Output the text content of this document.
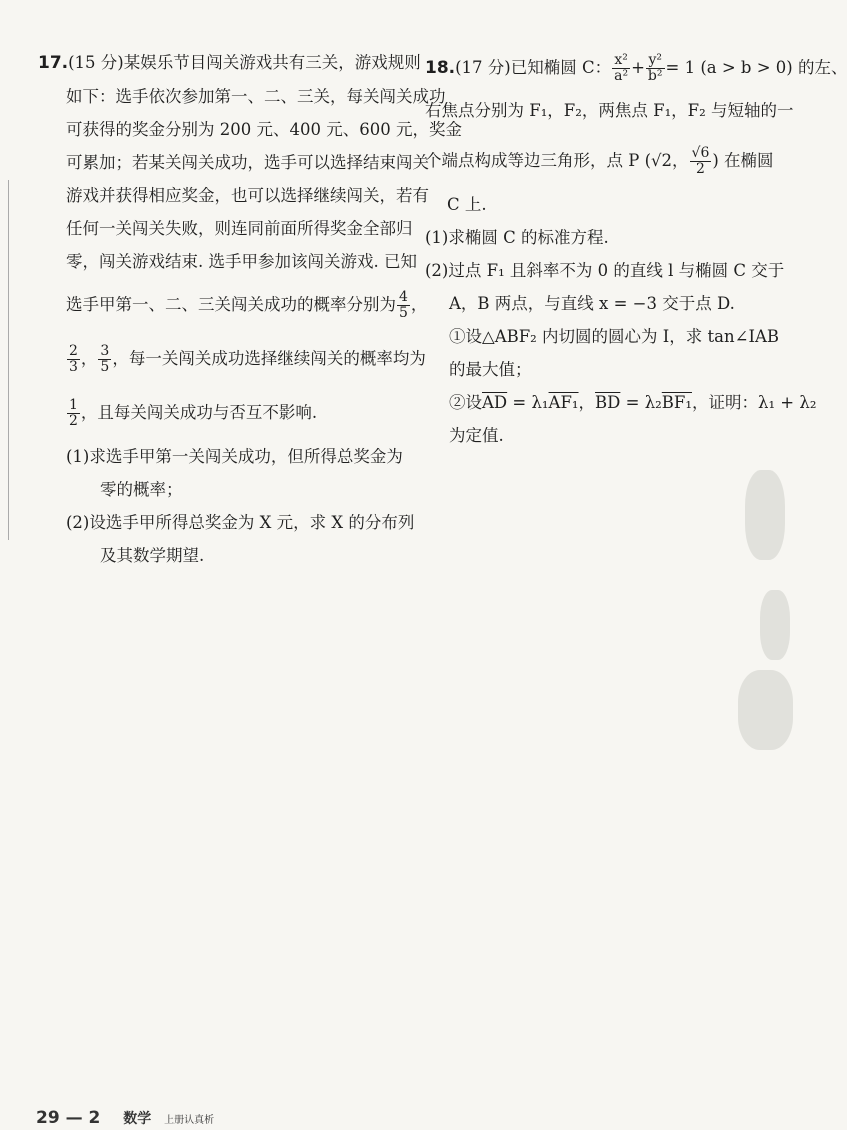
17.(15 分)某娱乐节目闯关游戏共有三关，游戏规则
如下：选手依次参加第一、二、三关，每关闯关成功
可获得的奖金分别为 200 元、400 元、600 元，奖金
可累加；若某关闯关成功，选手可以选择结束闯关
游戏并获得相应奖金，也可以选择继续闯关，若有
任何一关闯关失败，则连同前面所得奖金全部归
零，闯关游戏结束. 选手甲参加该闯关游戏. 已知
选手甲第一、二、三关闯关成功的概率分别为 $\frac{4}{5}$ ，
$\frac{2}{3}$ ， $\frac{3}{5}$ ，每一关闯关成功选择继续闯关的概率均为
$\frac{1}{2}$ ，且每关闯关成功与否互不影响.
(1)求选手甲第一关闯关成功，但所得总奖金为
零的概率；
(2)设选手甲所得总奖金为 X 元，求 X 的分布列
及其数学期望.
18.(17 分)已知椭圆 C： $\frac{\text{x²}}{\text{a²}} + \frac{\text{y²}}{\text{b²}} = 1$ (a > b > 0) 的左、
右焦点分别为 F₁，F₂，两焦点 F₁，F₂ 与短轴的一
个端点构成等边三角形，点 P (√2， $\frac{√6}{2}$ ) 在椭圆
C 上.
(1)求椭圆 C 的标准方程.
(2)过点 F₁ 且斜率不为 0 的直线 l 与椭圆 C 交于
A，B 两点，与直线 x = −3 交于点 D.
①设△ABF₂ 内切圆的圆心为 I，求 tan∠IAB
的最大值；
②设$\overline{AD} = \lambda_1AF_1$，$\overline{BD} = \lambda_2BF_1$，证明：λ₁ + λ₂
为定值.
29 — 2 数学 上册认真析
